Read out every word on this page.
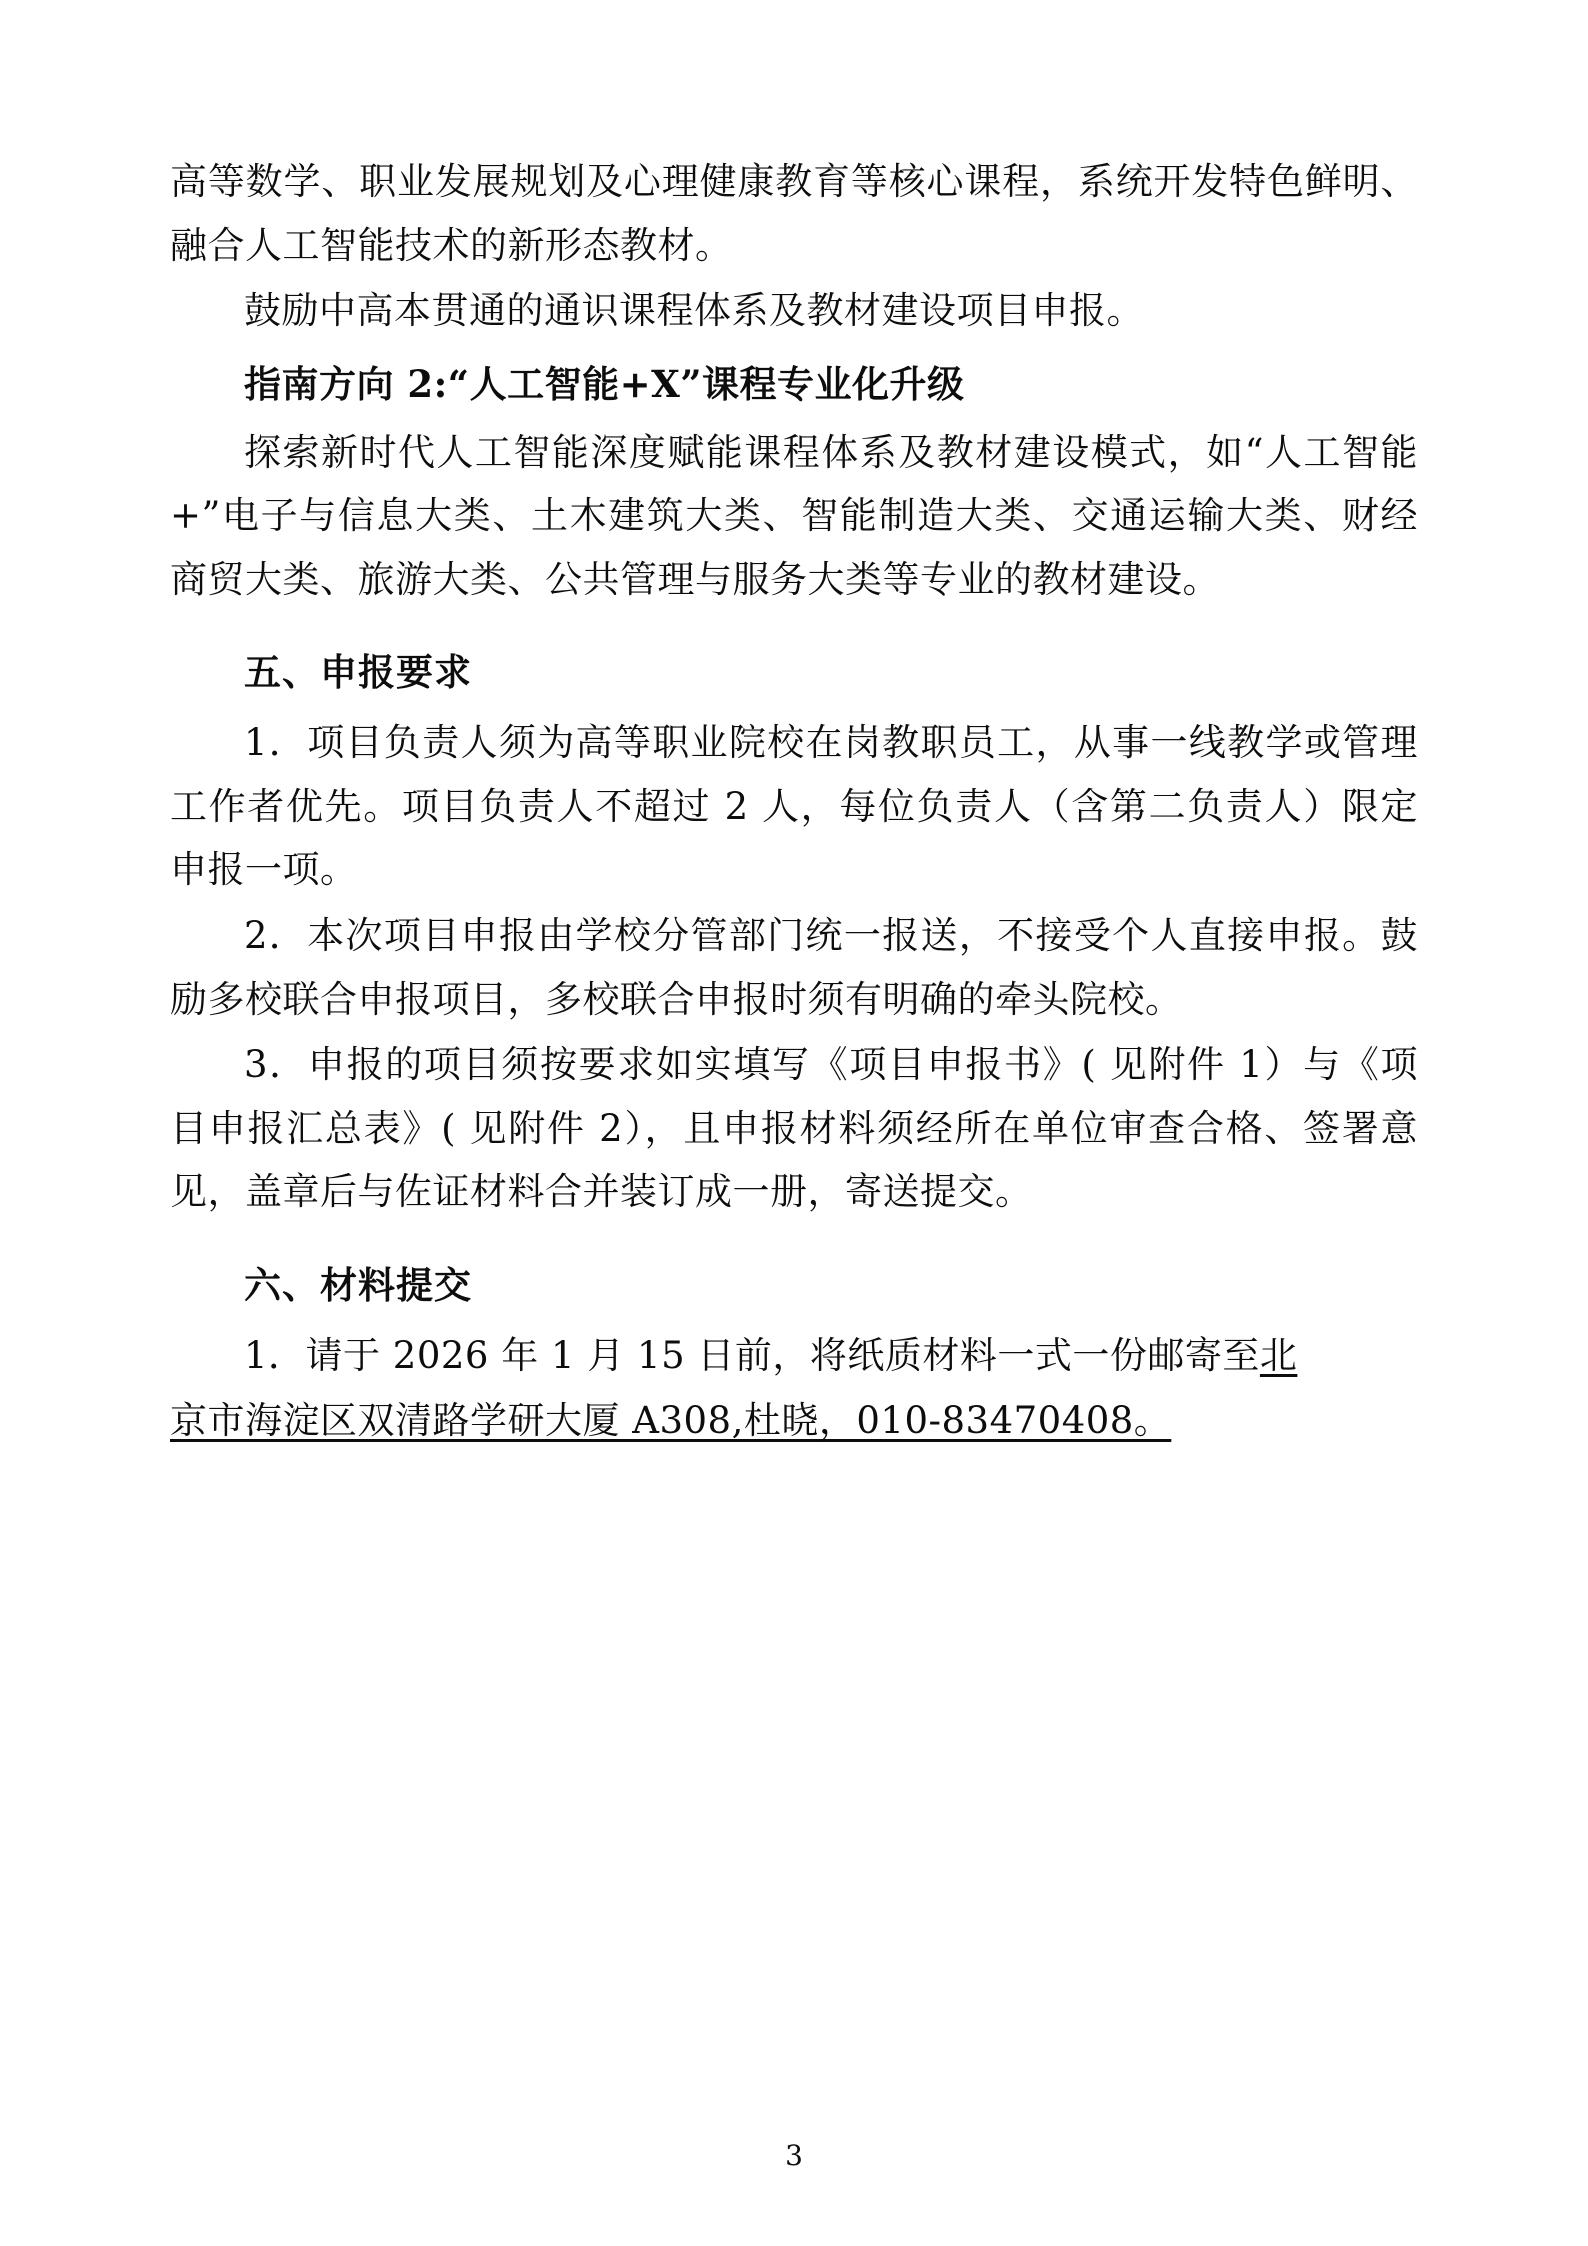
高等数学、职业发展规划及心理健康教育等核心课程，系统开发特色鲜明、融合人工智能技术的新形态教材。

鼓励中高本贯通的通识课程体系及教材建设项目申报。

指南方向 2:“人工智能+X”课程专业化升级

探索新时代人工智能深度赋能课程体系及教材建设模式，如“人工智能+”电子与信息大类、土木建筑大类、智能制造大类、交通运输大类、财经商贸大类、旅游大类、公共管理与服务大类等专业的教材建设。

五、申报要求

1．项目负责人须为高等职业院校在岗教职员工，从事一线教学或管理工作者优先。项目负责人不超过 2 人，每位负责人（含第二负责人）限定申报一项。

2．本次项目申报由学校分管部门统一报送，不接受个人直接申报。鼓励多校联合申报项目，多校联合申报时须有明确的牵头院校。

3．申报的项目须按要求如实填写《项目申报书》( 见附件 1）与《项目申报汇总表》( 见附件 2），且申报材料须经所在单位审查合格、签署意见，盖章后与佐证材料合并装订成一册，寄送提交。

六、材料提交

1．请于 2026 年 1 月 15 日前，将纸质材料一式一份邮寄至北

京市海淀区双清路学研大厦 A308,杜晓，010-83470408。

3
